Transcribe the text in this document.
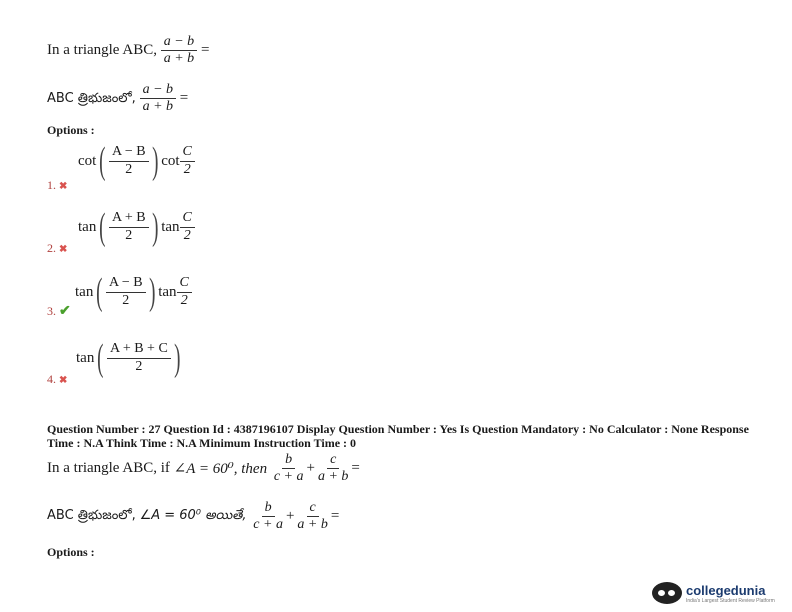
In a triangle ABC, $\frac{a - b}{a + b}$ =
ABC త్రిభుజంలో, $\frac{a - b}{a + b}$ =
Options :
cot ( $\frac{A - B}{2}$ ) $\cot \frac{C}{2}$
1. ✖
tan ( $\frac{A + B}{2}$ ) $\tan \frac{C}{2}$
2. ✖
tan ( $\frac{A - B}{2}$ ) $\tan \frac{C}{2}$
3. ✔
tan ( $\frac{A + B + C}{2}$ )
4. ✖
Question Number : 27 Question Id : 4387196107 Display Question Number : Yes Is Question Mandatory : No Calculator : None Response Time : N.A Think Time : N.A Minimum Instruction Time : 0
In a triangle ABC, if
∠A = 60⁰, then
$\frac{b}{c + a} + \frac{c}{a + b}$ =
ABC త్రిభుజంలో,
∠A = 60⁰ అయితే,
$\frac{b}{c + a} + \frac{c}{a + b}$ =
Options :
collegedunia
India's Largest Student Review Platform
